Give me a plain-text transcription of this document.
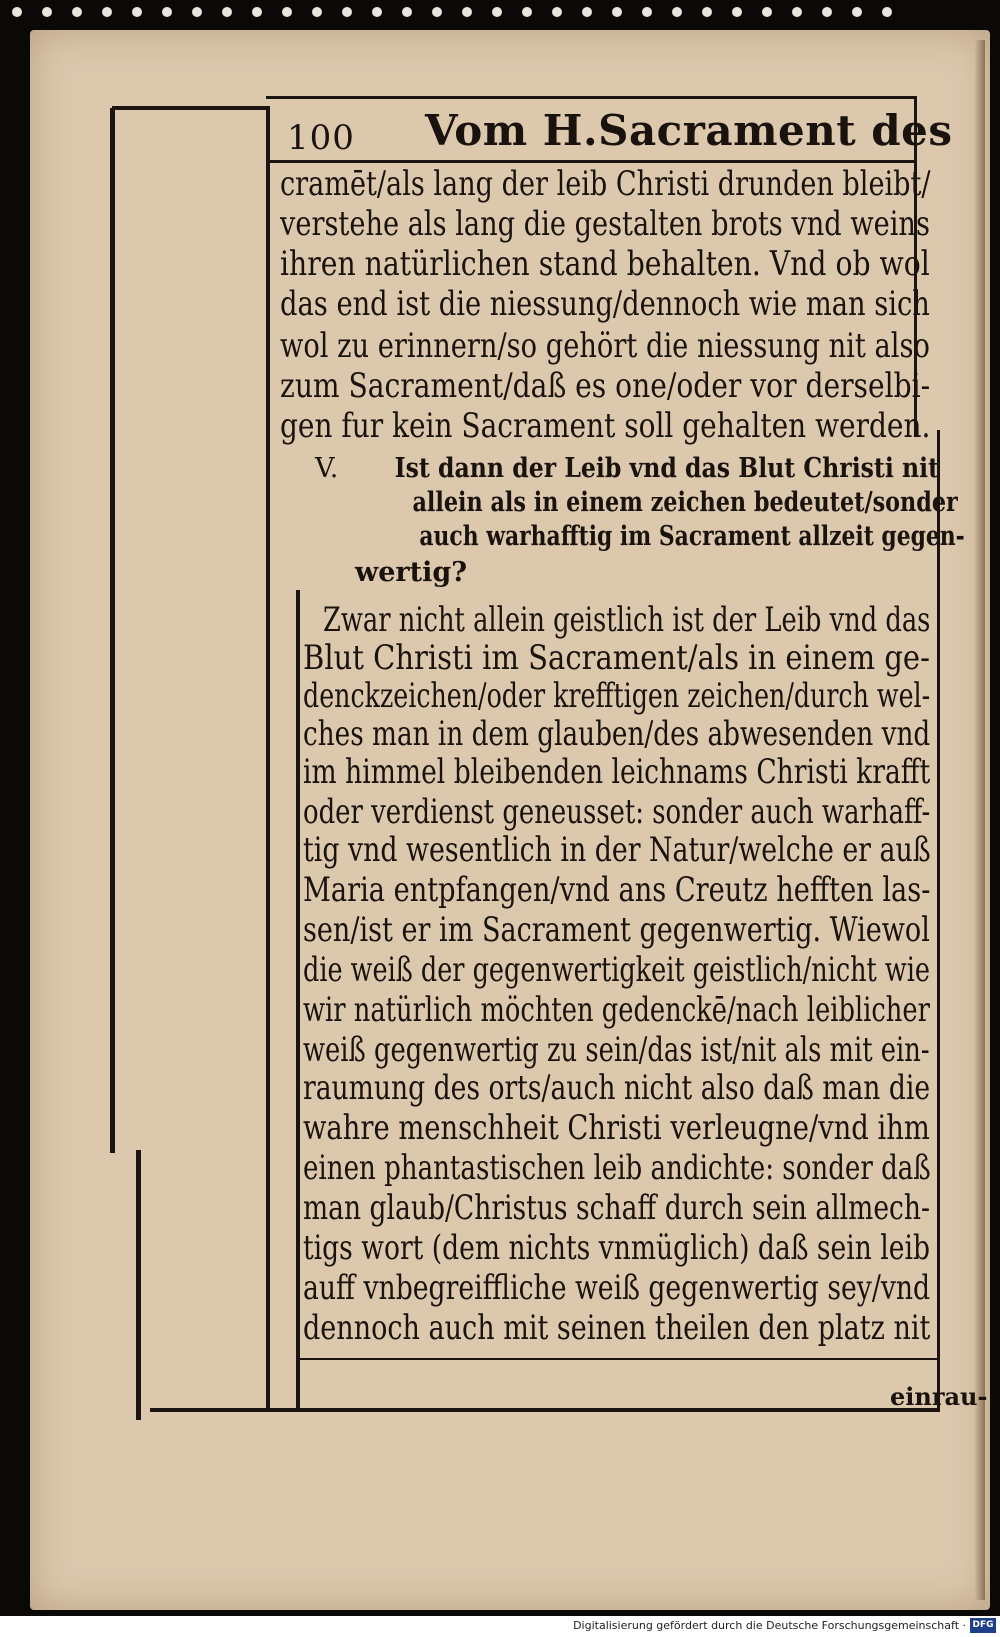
100 Vom H.Sacrament des
cramēt/als lang der leib Christi drunden bleibt/
verstehe als lang die gestalten brots vnd weins
ihren natürlichen stand behalten. Vnd ob wol
das end ist die niessung/dennoch wie man sich
wol zu erinnern/so gehört die niessung nit also
zum Sacrament/daß es one/oder vor derselbi-
gen fur kein Sacrament soll gehalten werden.
V. Ist dann der Leib vnd das Blut Christi nit
allein als in einem zeichen bedeutet/sonder
auch warhafftig im Sacrament allzeit gegen-
wertig?
Zwar nicht allein geistlich ist der Leib vnd das
Blut Christi im Sacrament/als in einem ge-
denckzeichen/oder krefftigen zeichen/durch wel-
ches man in dem glauben/des abwesenden vnd
im himmel bleibenden leichnams Christi krafft
oder verdienst geneusset: sonder auch warhaff-
tig vnd wesentlich in der Natur/welche er auß
Maria entpfangen/vnd ans Creutz hefften las-
sen/ist er im Sacrament gegenwertig. Wiewol
die weiß der gegenwertigkeit geistlich/nicht wie
wir natürlich möchten gedenckē/nach leiblicher
weiß gegenwertig zu sein/das ist/nit als mit ein-
raumung des orts/auch nicht also daß man die
wahre menschheit Christi verleugne/vnd ihm
einen phantastischen leib andichte: sonder daß
man glaub/Christus schaff durch sein allmech-
tigs wort (dem nichts vnmüglich) daß sein leib
auff vnbegreiffliche weiß gegenwertig sey/vnd
dennoch auch mit seinen theilen den platz nit
einrau-
Digitalisierung gefördert durch die Deutsche Forschungsgemeinschaft · DFG
